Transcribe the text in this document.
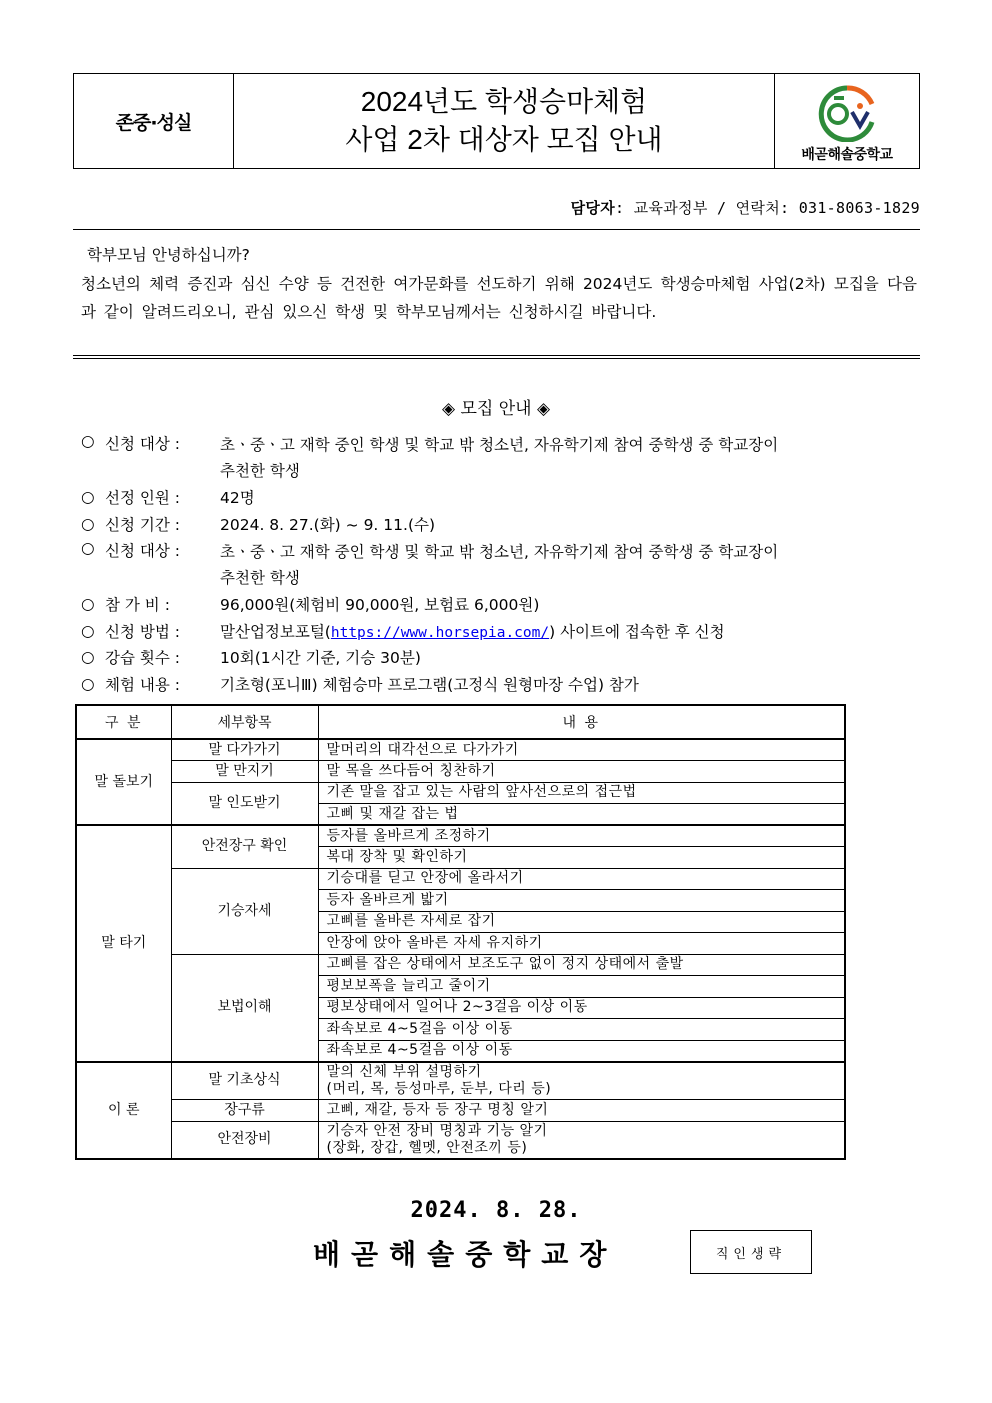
존중·성실
2024년도 학생승마체험
사업 2차 대상자 모집 안내	배곧해솔중학교
담당자: 교육과정부 / 연락처: 031-8063-1829
학부모님 안녕하십니까?
청소년의 체력 증진과 심신 수양 등 건전한 여가문화를 선도하기 위해 2024년도 학생승마체험 사업(2차) 모집을 다음과 같이 알려드리오니, 관심 있으신 학생 및 학부모님께서는 신청하시길 바랍니다.
◈ 모집 안내 ◈
○ 신청 대상 :	초ㆍ중ㆍ고 재학 중인 학생 및 학교 밖 청소년, 자유학기제 참여 중학생 중 학교장이
추천한 학생
○ 선정 인원 :	42명
○ 신청 기간 :	2024. 8. 27.(화) ~ 9. 11.(수)
○ 신청 대상 :	초ㆍ중ㆍ고 재학 중인 학생 및 학교 밖 청소년, 자유학기제 참여 중학생 중 학교장이
추천한 학생
○ 참 가 비 :	96,000원(체험비 90,000원, 보험료 6,000원)
○ 신청 방법 :	말산업정보포털(https://www.horsepia.com/) 사이트에 접속한 후 신청
○ 강습 횟수 :	10회(1시간 기준, 기승 30분)
○ 체험 내용 :	기초형(포니Ⅲ) 체험승마 프로그램(고정식 원형마장 수업) 참가
구 분	세부항목	내 용
말 돌보기	말 다가가기	말머리의 대각선으로 다가가기
	말 만지기	말 목을 쓰다듬어 칭찬하기
	말 인도받기	기존 말을 잡고 있는 사람의 앞사선으로의 접근법
		고삐 및 재갈 잡는 법
말 타기	안전장구 확인	등자를 올바르게 조정하기
		복대 장착 및 확인하기
	기승자세	기승대를 딛고 안장에 올라서기
		등자 올바르게 밟기
		고삐를 올바른 자세로 잡기
		안장에 앉아 올바른 자세 유지하기
	보법이해	고삐를 잡은 상태에서 보조도구 없이 정지 상태에서 출발
		평보보폭을 늘리고 줄이기
		평보상태에서 일어나 2~3걸음 이상 이동
		좌속보로 4~5걸음 이상 이동
		좌속보로 4~5걸음 이상 이동
이 론	말 기초상식	말의 신체 부위 설명하기
(머리, 목, 등성마루, 둔부, 다리 등)
	장구류	고삐, 재갈, 등자 등 장구 명칭 알기
	안전장비	기승자 안전 장비 명칭과 기능 알기
(장화, 장갑, 헬멧, 안전조끼 등)
2024. 8. 28.
배곧해솔중학교장	직인생략
